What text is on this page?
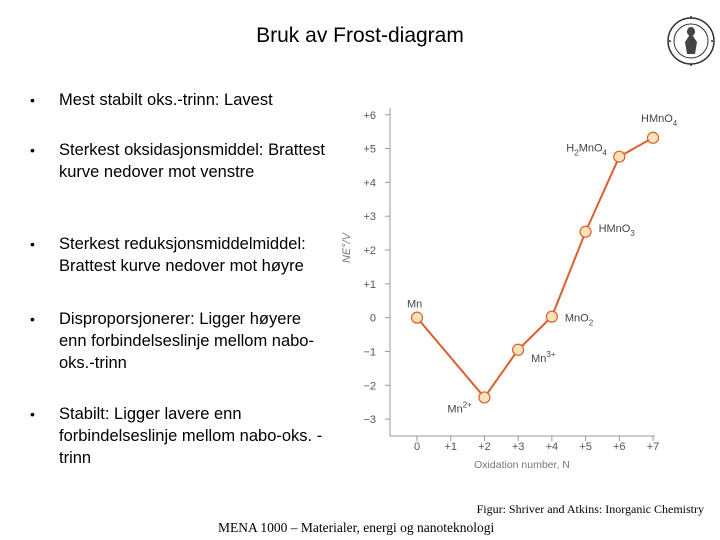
Bruk av Frost-diagram
• Mest stabilt oks.-trinn: Lavest
• Sterkest oksidasjonsmiddel: Brattest kurve nedover mot venstre
• Sterkest reduksjonsmiddelmiddel: Brattest kurve nedover mot høyre
• Disproporsjonerer: Ligger høyere enn forbindelseslinje mellom nabo-oks.-trinn
• Stabilt: Ligger lavere enn forbindelseslinje mellom nabo-oks. -trinn
+6
+5
+4
+3
+2
+1
0
−1
−2
−3
0 +1 +2 +3 +4 +5 +6 +7
Oxidation number, N
NE°/V
Mn
$Mn^{2+}$
$Mn^{3+}$
MnO$_2$
HMnO$_3$
$H_2MnO_4$
HMnO$_4$
Figur: Shriver and Atkins: Inorganic Chemistry
MENA 1000 – Materialer, energi og nanoteknologi
